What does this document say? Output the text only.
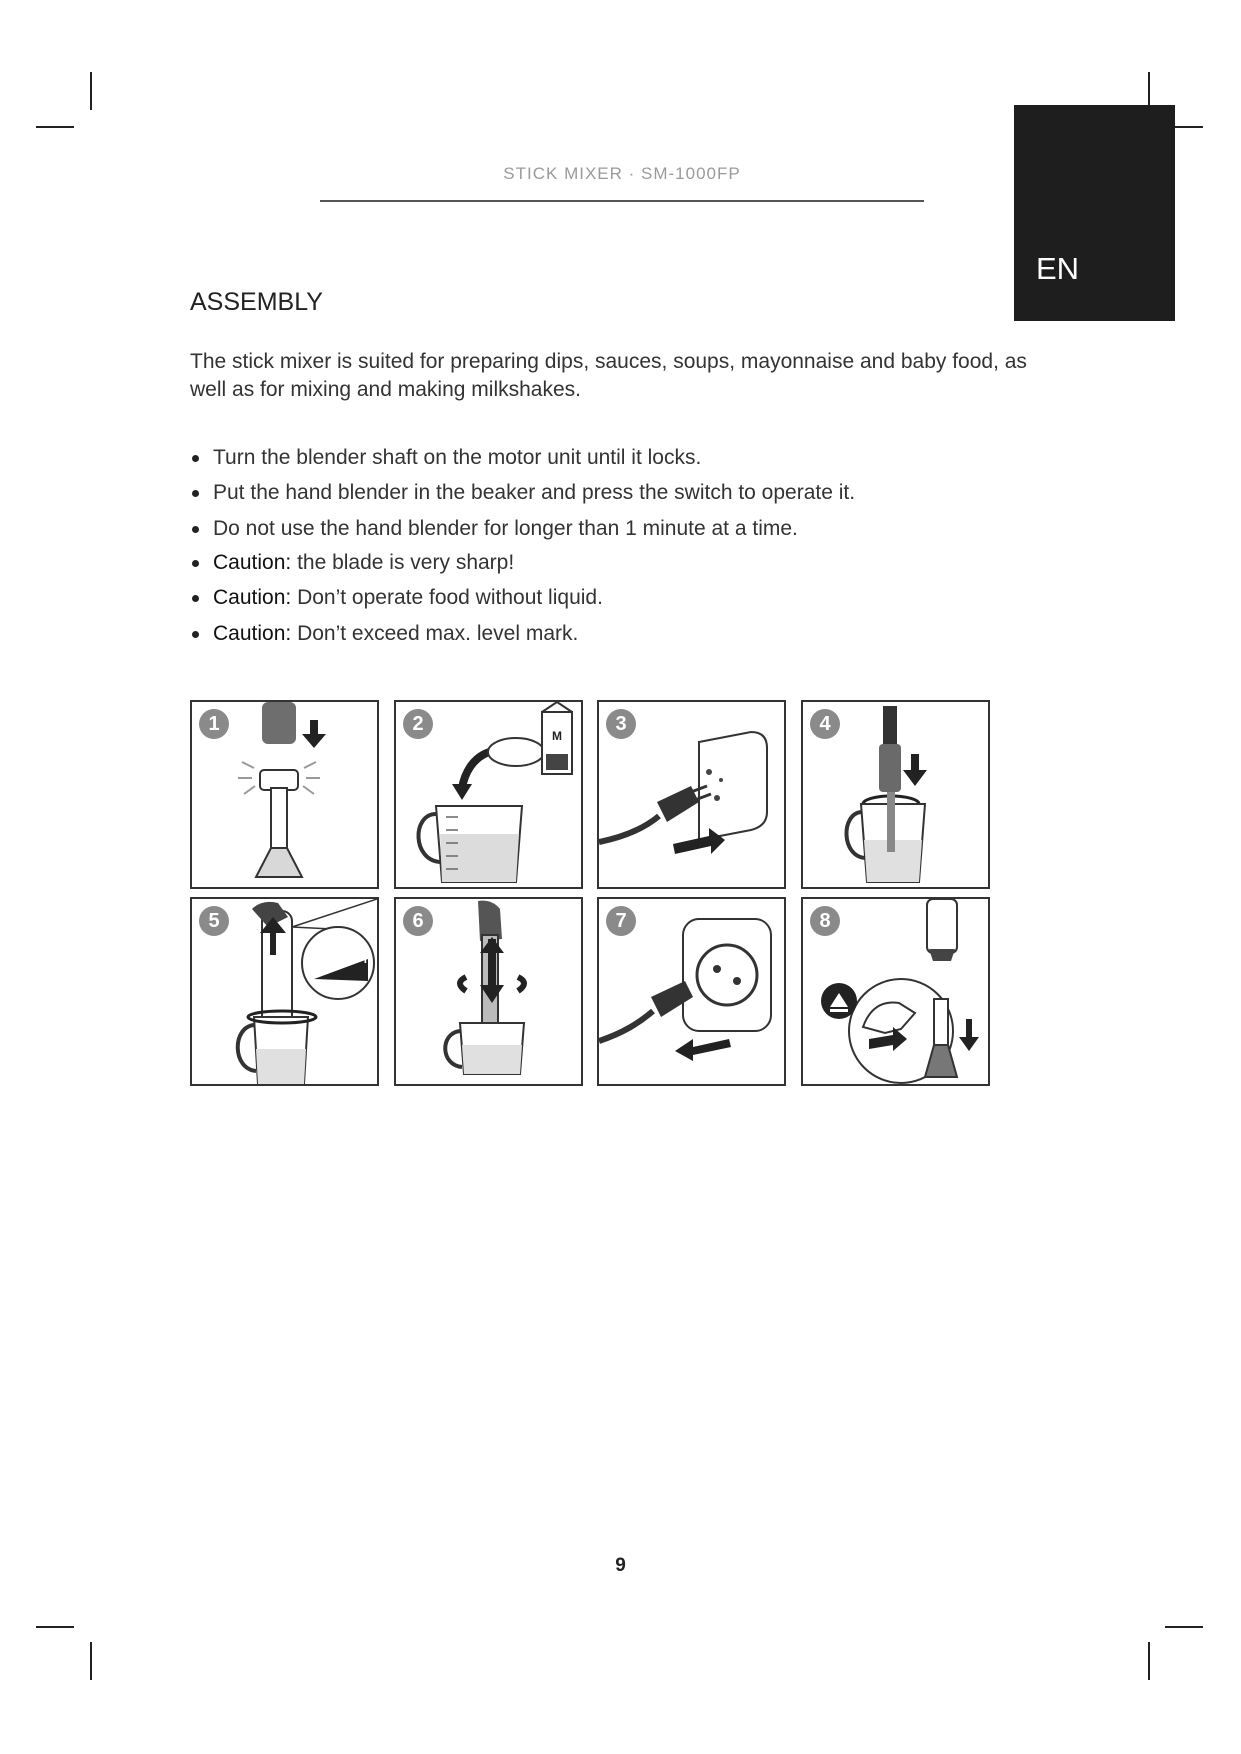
STICK MIXER · SM-1000FP
EN
ASSEMBLY

The stick mixer is suited for preparing dips, sauces, soups, mayonnaise and baby food, as well as for mixing and making milkshakes.

Turn the blender shaft on the motor unit until it locks.
Put the hand blender in the beaker and press the switch to operate it.
Do not use the hand blender for longer than 1 minute at a time.
Caution: the blade is very sharp!
Caution: Don’t operate food without liquid.
Caution: Don’t exceed max. level mark.
1
M
2	3	4
T
5	6	7	8
9
